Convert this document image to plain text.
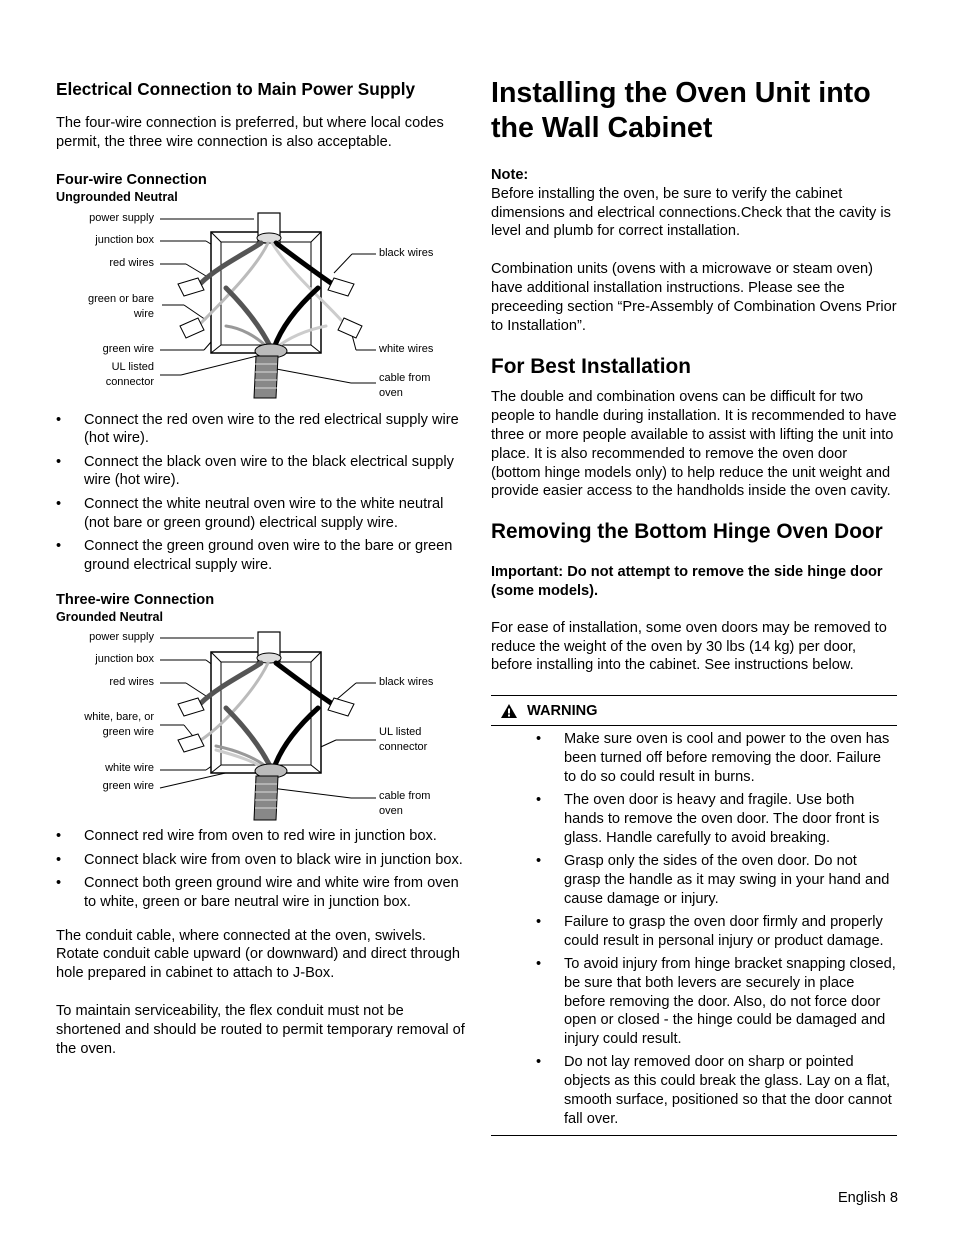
Electrical Connection to Main Power Supply

The four-wire connection is preferred, but where local codes permit, the three wire connection is also acceptable.

Four-wire Connection
Ungrounded Neutral
power supply
junction box
red wires
green or bare
wire
green wire
UL listed
connector
black wires
white wires
cable from
oven
• Connect the red oven wire to the red electrical supply wire (hot wire).
• Connect the black oven wire to the black electrical supply wire (hot wire).
• Connect the white neutral oven wire to the white neutral (not bare or green ground) electrical supply wire.
• Connect the green ground oven wire to the bare or green ground electrical supply wire.
Three-wire Connection
Grounded Neutral
power supply
junction box
red wires
white, bare, or
green wire
white wire
green wire
black wires
UL listed
connector
cable from
oven
• Connect red wire from oven to red wire in junction box.
• Connect black wire from oven to black wire in junction box.
• Connect both green ground wire and white wire from oven to white, green or bare neutral wire in junction box.

The conduit cable, where connected at the oven, swivels. Rotate conduit cable upward (or downward) and direct through hole prepared in cabinet to attach to J-Box.

To maintain serviceability, the flex conduit must not be shortened and should be routed to permit temporary removal of the oven.

Installing the Oven Unit into the Wall Cabinet

Note:

Before installing the oven, be sure to verify the cabinet dimensions and electrical connections.Check that the cavity is level and plumb for correct installation.

Combination units (ovens with a microwave or steam oven) have additional installation instructions. Please see the preceeding section “Pre-Assembly of Combination Ovens Prior to Installation”.

For Best Installation

The double and combination ovens can be difficult for two people to handle during installation. It is recommended to have three or more people available to assist with lifting the unit into place. It is also recommended to remove the oven door (bottom hinge models only) to help reduce the unit weight and provide easier access to the handholds inside the oven cavity.

Removing the Bottom Hinge Oven Door

Important: Do not attempt to remove the side hinge door (some models).

For ease of installation, some oven doors may be removed to reduce the weight of the oven by 30 lbs (14 kg) per door, before installing into the cabinet. See instructions below.

WARNING
• Make sure oven is cool and power to the oven has been turned off before removing the door. Failure to do so could result in burns.
• The oven door is heavy and fragile. Use both hands to remove the oven door. The door front is glass. Handle carefully to avoid breaking.
• Grasp only the sides of the oven door. Do not grasp the handle as it may swing in your hand and cause damage or injury.
• Failure to grasp the oven door firmly and properly could result in personal injury or product damage.
• To avoid injury from hinge bracket snapping closed, be sure that both levers are securely in place before removing the door. Also, do not force door open or closed - the hinge could be damaged and injury could result.
• Do not lay removed door on sharp or pointed objects as this could break the glass. Lay on a flat, smooth surface, positioned so that the door cannot fall over.
English 8
